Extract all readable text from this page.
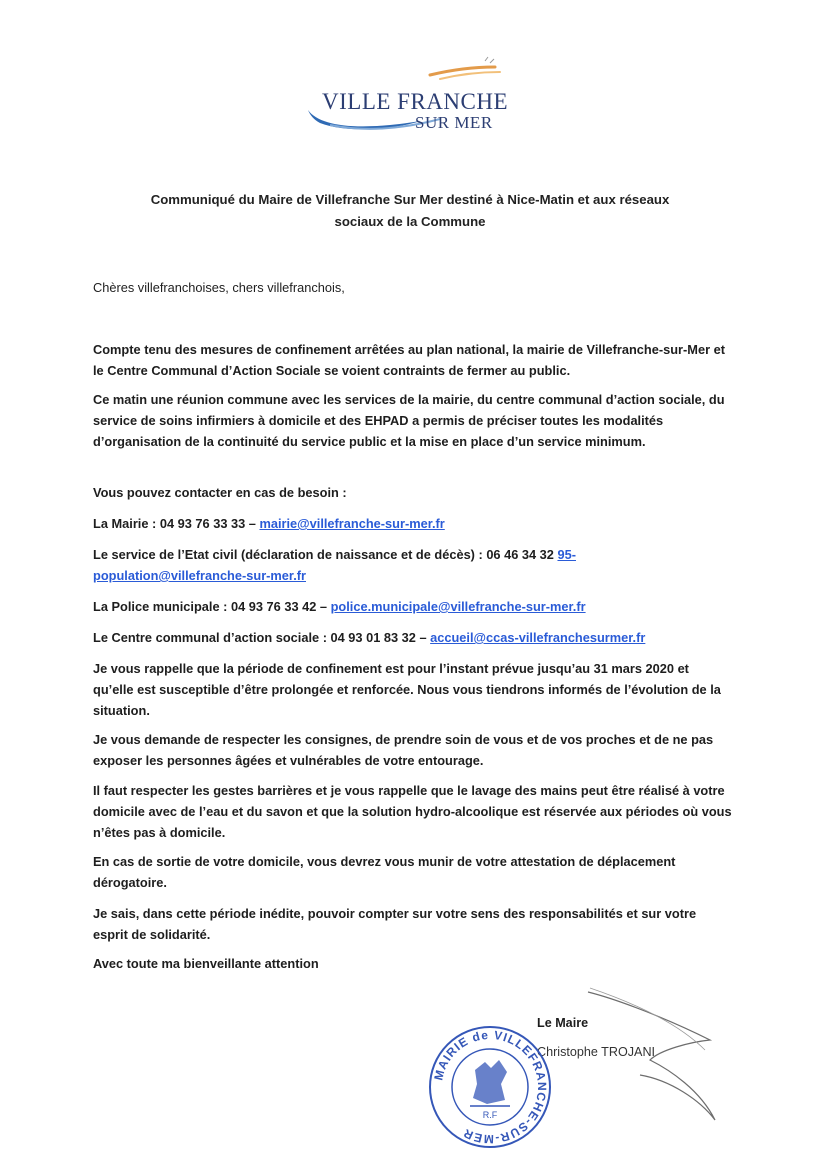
VILLE FRANCHE
SUR MER
Communiqué du Maire de Villefranche Sur Mer destiné à Nice-Matin et aux réseaux
sociaux de la Commune
Chères villefranchoises, chers villefranchois,
Compte tenu des mesures de confinement arrêtées au plan national, la mairie de Villefranche-sur-Mer et le Centre Communal d’Action Sociale se voient contraints de fermer au public.
Ce matin une réunion commune avec les services de la mairie, du centre communal d’action sociale, du service de soins infirmiers à domicile et des EHPAD a permis de préciser toutes les modalités d’organisation de la continuité du service public et la mise en place d’un service minimum.
Vous pouvez contacter en cas de besoin :
La Mairie : 04 93 76 33 33 – mairie@villefranche-sur-mer.fr
Le service de l’Etat civil (déclaration de naissance et de décès) : 06 46 34 32 95-
population@villefranche-sur-mer.fr
La Police municipale : 04 93 76 33 42 – police.municipale@villefranche-sur-mer.fr
Le Centre communal d’action sociale : 04 93 01 83 32 – accueil@ccas-villefranchesurmer.fr
Je vous rappelle que la période de confinement est pour l’instant prévue jusqu’au 31 mars 2020 et qu’elle est susceptible d’être prolongée et renforcée. Nous vous tiendrons informés de l’évolution de la situation.
Je vous demande de respecter les consignes, de prendre soin de vous et de vos proches et de ne pas exposer les personnes âgées et vulnérables de votre entourage.
Il faut respecter les gestes barrières et je vous rappelle que le lavage des mains peut être réalisé à votre domicile avec de l’eau et du savon et que la solution hydro-alcoolique est réservée aux périodes où vous n’êtes pas à domicile.
En cas de sortie de votre domicile, vous devrez vous munir de votre attestation de déplacement dérogatoire.
Je sais, dans cette période inédite, pouvoir compter sur votre sens des responsabilités et sur votre esprit de solidarité.
Avec toute ma bienveillante attention
Le Maire
Christophe TROJANI
MAIRIE de VILLEFRANCHE-SUR-MER
R.F
